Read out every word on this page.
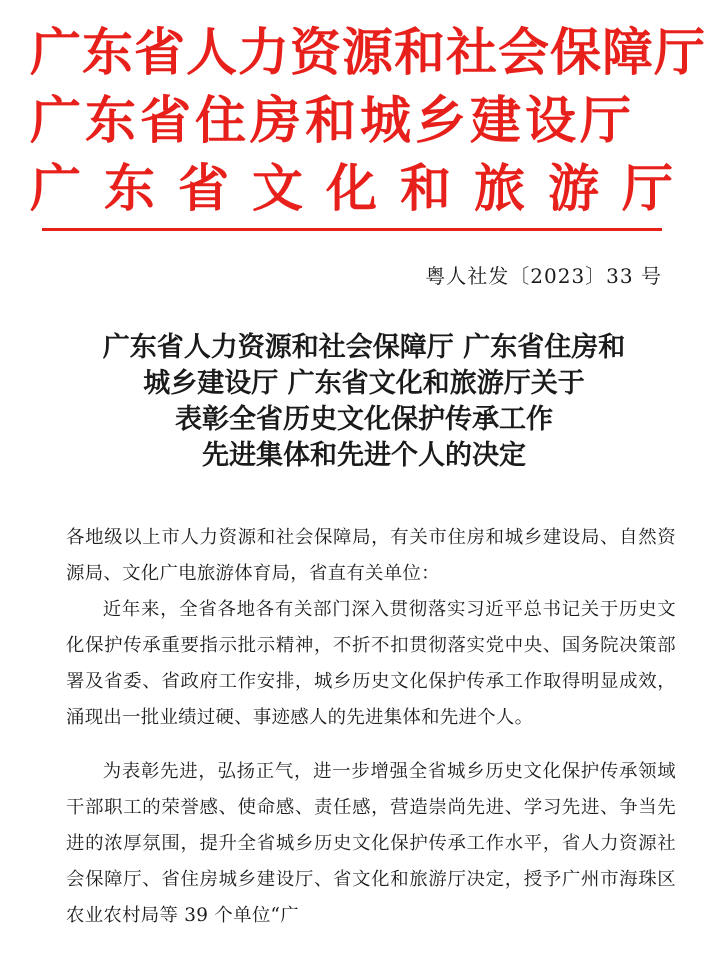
广东省人力资源和社会保障厅
广东省住房和城乡建设厅
广东省文化和旅游厅
粤人社发〔2023〕33 号
广东省人力资源和社会保障厅 广东省住房和
城乡建设厅 广东省文化和旅游厅关于
表彰全省历史文化保护传承工作
先进集体和先进个人的决定

各地级以上市人力资源和社会保障局，有关市住房和城乡建设局、自然资源局、文化广电旅游体育局，省直有关单位：

近年来，全省各地各有关部门深入贯彻落实习近平总书记关于历史文化保护传承重要指示批示精神，不折不扣贯彻落实党中央、国务院决策部署及省委、省政府工作安排，城乡历史文化保护传承工作取得明显成效，涌现出一批业绩过硬、事迹感人的先进集体和先进个人。

为表彰先进，弘扬正气，进一步增强全省城乡历史文化保护传承领域干部职工的荣誉感、使命感、责任感，营造崇尚先进、学习先进、争当先进的浓厚氛围，提升全省城乡历史文化保护传承工作水平，省人力资源社会保障厅、省住房城乡建设厅、省文化和旅游厅决定，授予广州市海珠区农业农村局等 39 个单位“广
